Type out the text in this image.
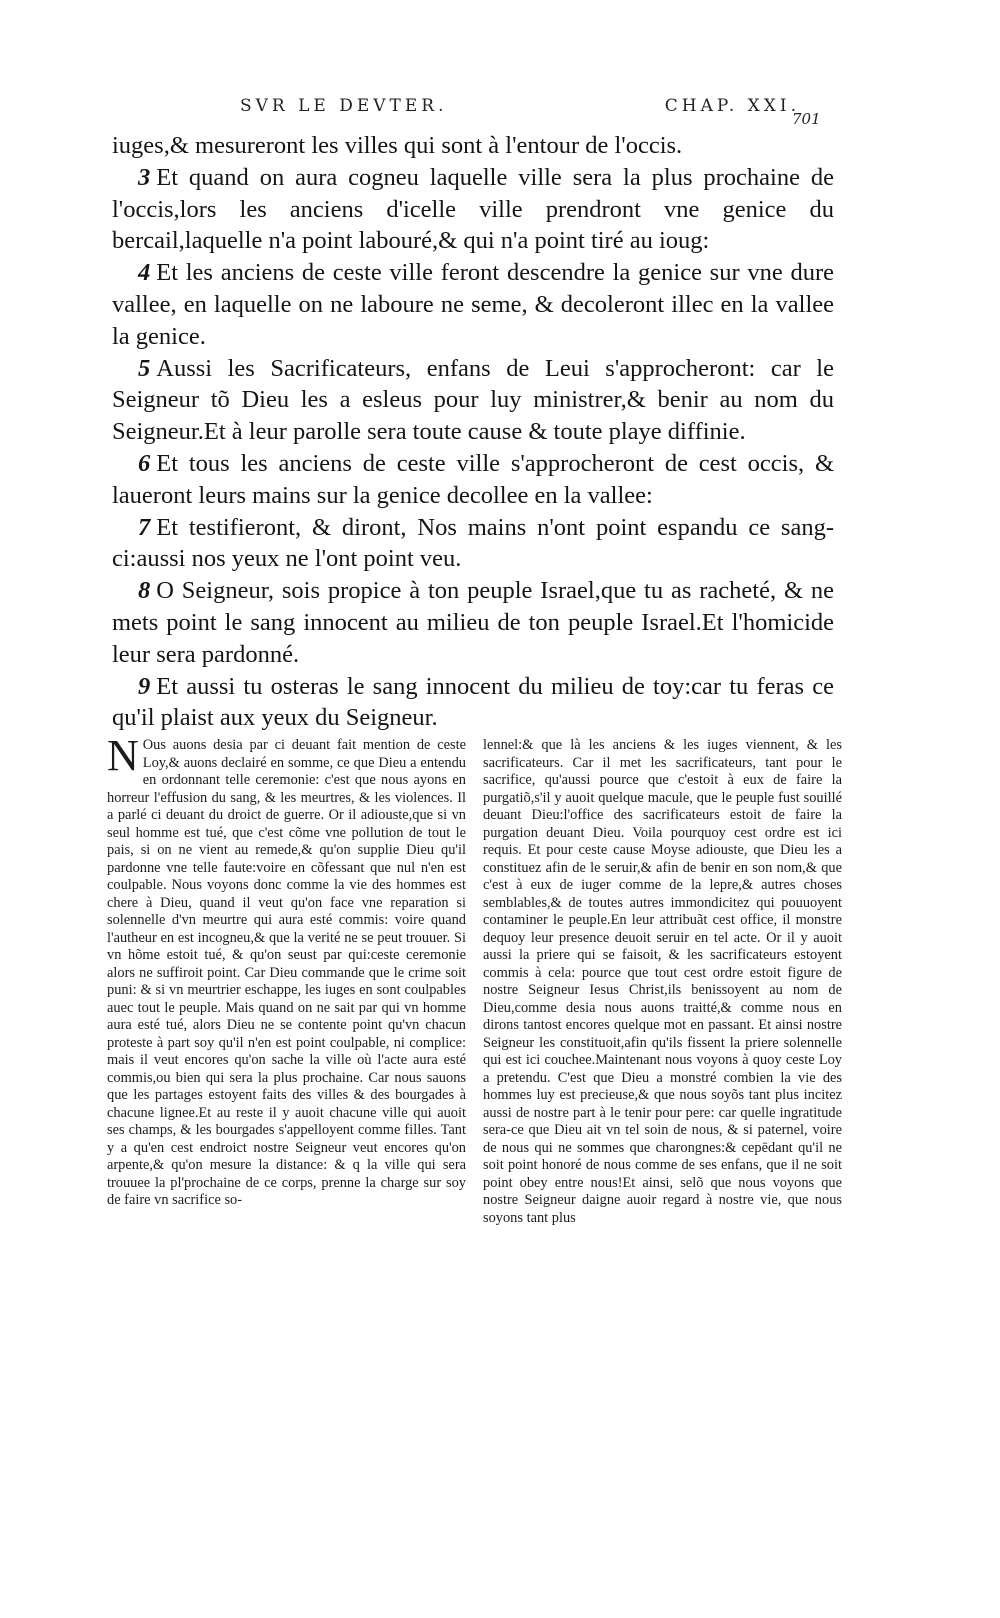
SVR LE DEVTER.	CHAP. XXI.
701

iuges,& mesureront les villes qui sont à l'entour de l'occis.

3 Et quand on aura cogneu laquelle ville sera la plus prochaine de l'occis,lors les anciens d'icelle ville prendront vne genice du bercail,laquelle n'a point labouré,& qui n'a point tiré au ioug:

4 Et les anciens de ceste ville feront descendre la genice sur vne dure vallee, en laquelle on ne laboure ne seme, & decoleront illec en la vallee la genice.

5 Aussi les Sacrificateurs, enfans de Leui s'approcheront: car le Seigneur tõ Dieu les a esleus pour luy ministrer,& benir au nom du Seigneur.Et à leur parolle sera toute cause & toute playe diffinie.

6 Et tous les anciens de ceste ville s'approcheront de cest occis, & laueront leurs mains sur la genice decollee en la vallee:

7 Et testifieront, & diront, Nos mains n'ont point espandu ce sang-ci:aussi nos yeux ne l'ont point veu.

8 O Seigneur, sois propice à ton peuple Israel,que tu as racheté, & ne mets point le sang innocent au milieu de ton peuple Israel.Et l'homicide leur sera pardonné.

9 Et aussi tu osteras le sang innocent du milieu de toy:car tu feras ce qu'il plaist aux yeux du Seigneur.

N Ous auons desia par ci deuant fait mention de ceste Loy,& auons declairé en somme, ce que Dieu a entendu en ordonnant telle ceremonie: c'est que nous ayons en horreur l'effusion du sang, & les meurtres, & les violences. Il a parlé ci deuant du droict de guerre. Or il adiouste,que si vn seul homme est tué, que c'est cõme vne pollution de tout le pais, si on ne vient au remede,& qu'on supplie Dieu qu'il pardonne vne telle faute:voire en cõfessant que nul n'en est coulpable. Nous voyons donc comme la vie des hommes est chere à Dieu, quand il veut qu'on face vne reparation si solennelle d'vn meurtre qui aura esté commis: voire quand l'autheur en est incogneu,& que la verité ne se peut trouuer. Si vn hõme estoit tué, & qu'on seust par qui:ceste ceremonie alors ne suffiroit point. Car Dieu commande que le crime soit puni: & si vn meurtrier eschappe, les iuges en sont coulpables auec tout le peuple. Mais quand on ne sait par qui vn homme aura esté tué, alors Dieu ne se contente point qu'vn chacun proteste à part soy qu'il n'en est point coulpable, ni complice: mais il veut encores qu'on sache la ville où l'acte aura esté commis,ou bien qui sera la plus prochaine. Car nous sauons que les partages estoyent faits des villes & des bourgades à chacune lignee.Et au reste il y auoit chacune ville qui auoit ses champs, & les bourgades s'appelloyent comme filles. Tant y a qu'en cest endroict nostre Seigneur veut encores qu'on arpente,& qu'on mesure la distance: & q la ville qui sera trouuee la pl'prochaine de ce corps, prenne la charge sur soy de faire vn sacrifice so-

lennel:& que là les anciens & les iuges viennent, & les sacrificateurs. Car il met les sacrificateurs, tant pour le sacrifice, qu'aussi pource que c'estoit à eux de faire la purgatiõ,s'il y auoit quelque macule, que le peuple fust souillé deuant Dieu:l'office des sacrificateurs estoit de faire la purgation deuant Dieu. Voila pourquoy cest ordre est ici requis. Et pour ceste cause Moyse adiouste, que Dieu les a constituez afin de le seruir,& afin de benir en son nom,& que c'est à eux de iuger comme de la lepre,& autres choses semblables,& de toutes autres immondicitez qui pouuoyent contaminer le peuple.En leur attribuãt cest office, il monstre dequoy leur presence deuoit seruir en tel acte. Or il y auoit aussi la priere qui se faisoit, & les sacrificateurs estoyent commis à cela: pource que tout cest ordre estoit figure de nostre Seigneur Iesus Christ,ils benissoyent au nom de Dieu,comme desia nous auons traitté,& comme nous en dirons tantost encores quelque mot en passant. Et ainsi nostre Seigneur les constituoit,afin qu'ils fissent la priere solennelle qui est ici couchee.Maintenant nous voyons à quoy ceste Loy a pretendu. C'est que Dieu a monstré combien la vie des hommes luy est precieuse,& que nous soyõs tant plus incitez aussi de nostre part à le tenir pour pere: car quelle ingratitude sera-ce que Dieu ait vn tel soin de nous, & si paternel, voire de nous qui ne sommes que charongnes:& cepēdant qu'il ne soit point honoré de nous comme de ses enfans, que il ne soit point obey entre nous!Et ainsi, selõ que nous voyons que nostre Seigneur daigne auoir regard à nostre vie, que nous soyons tant plus
